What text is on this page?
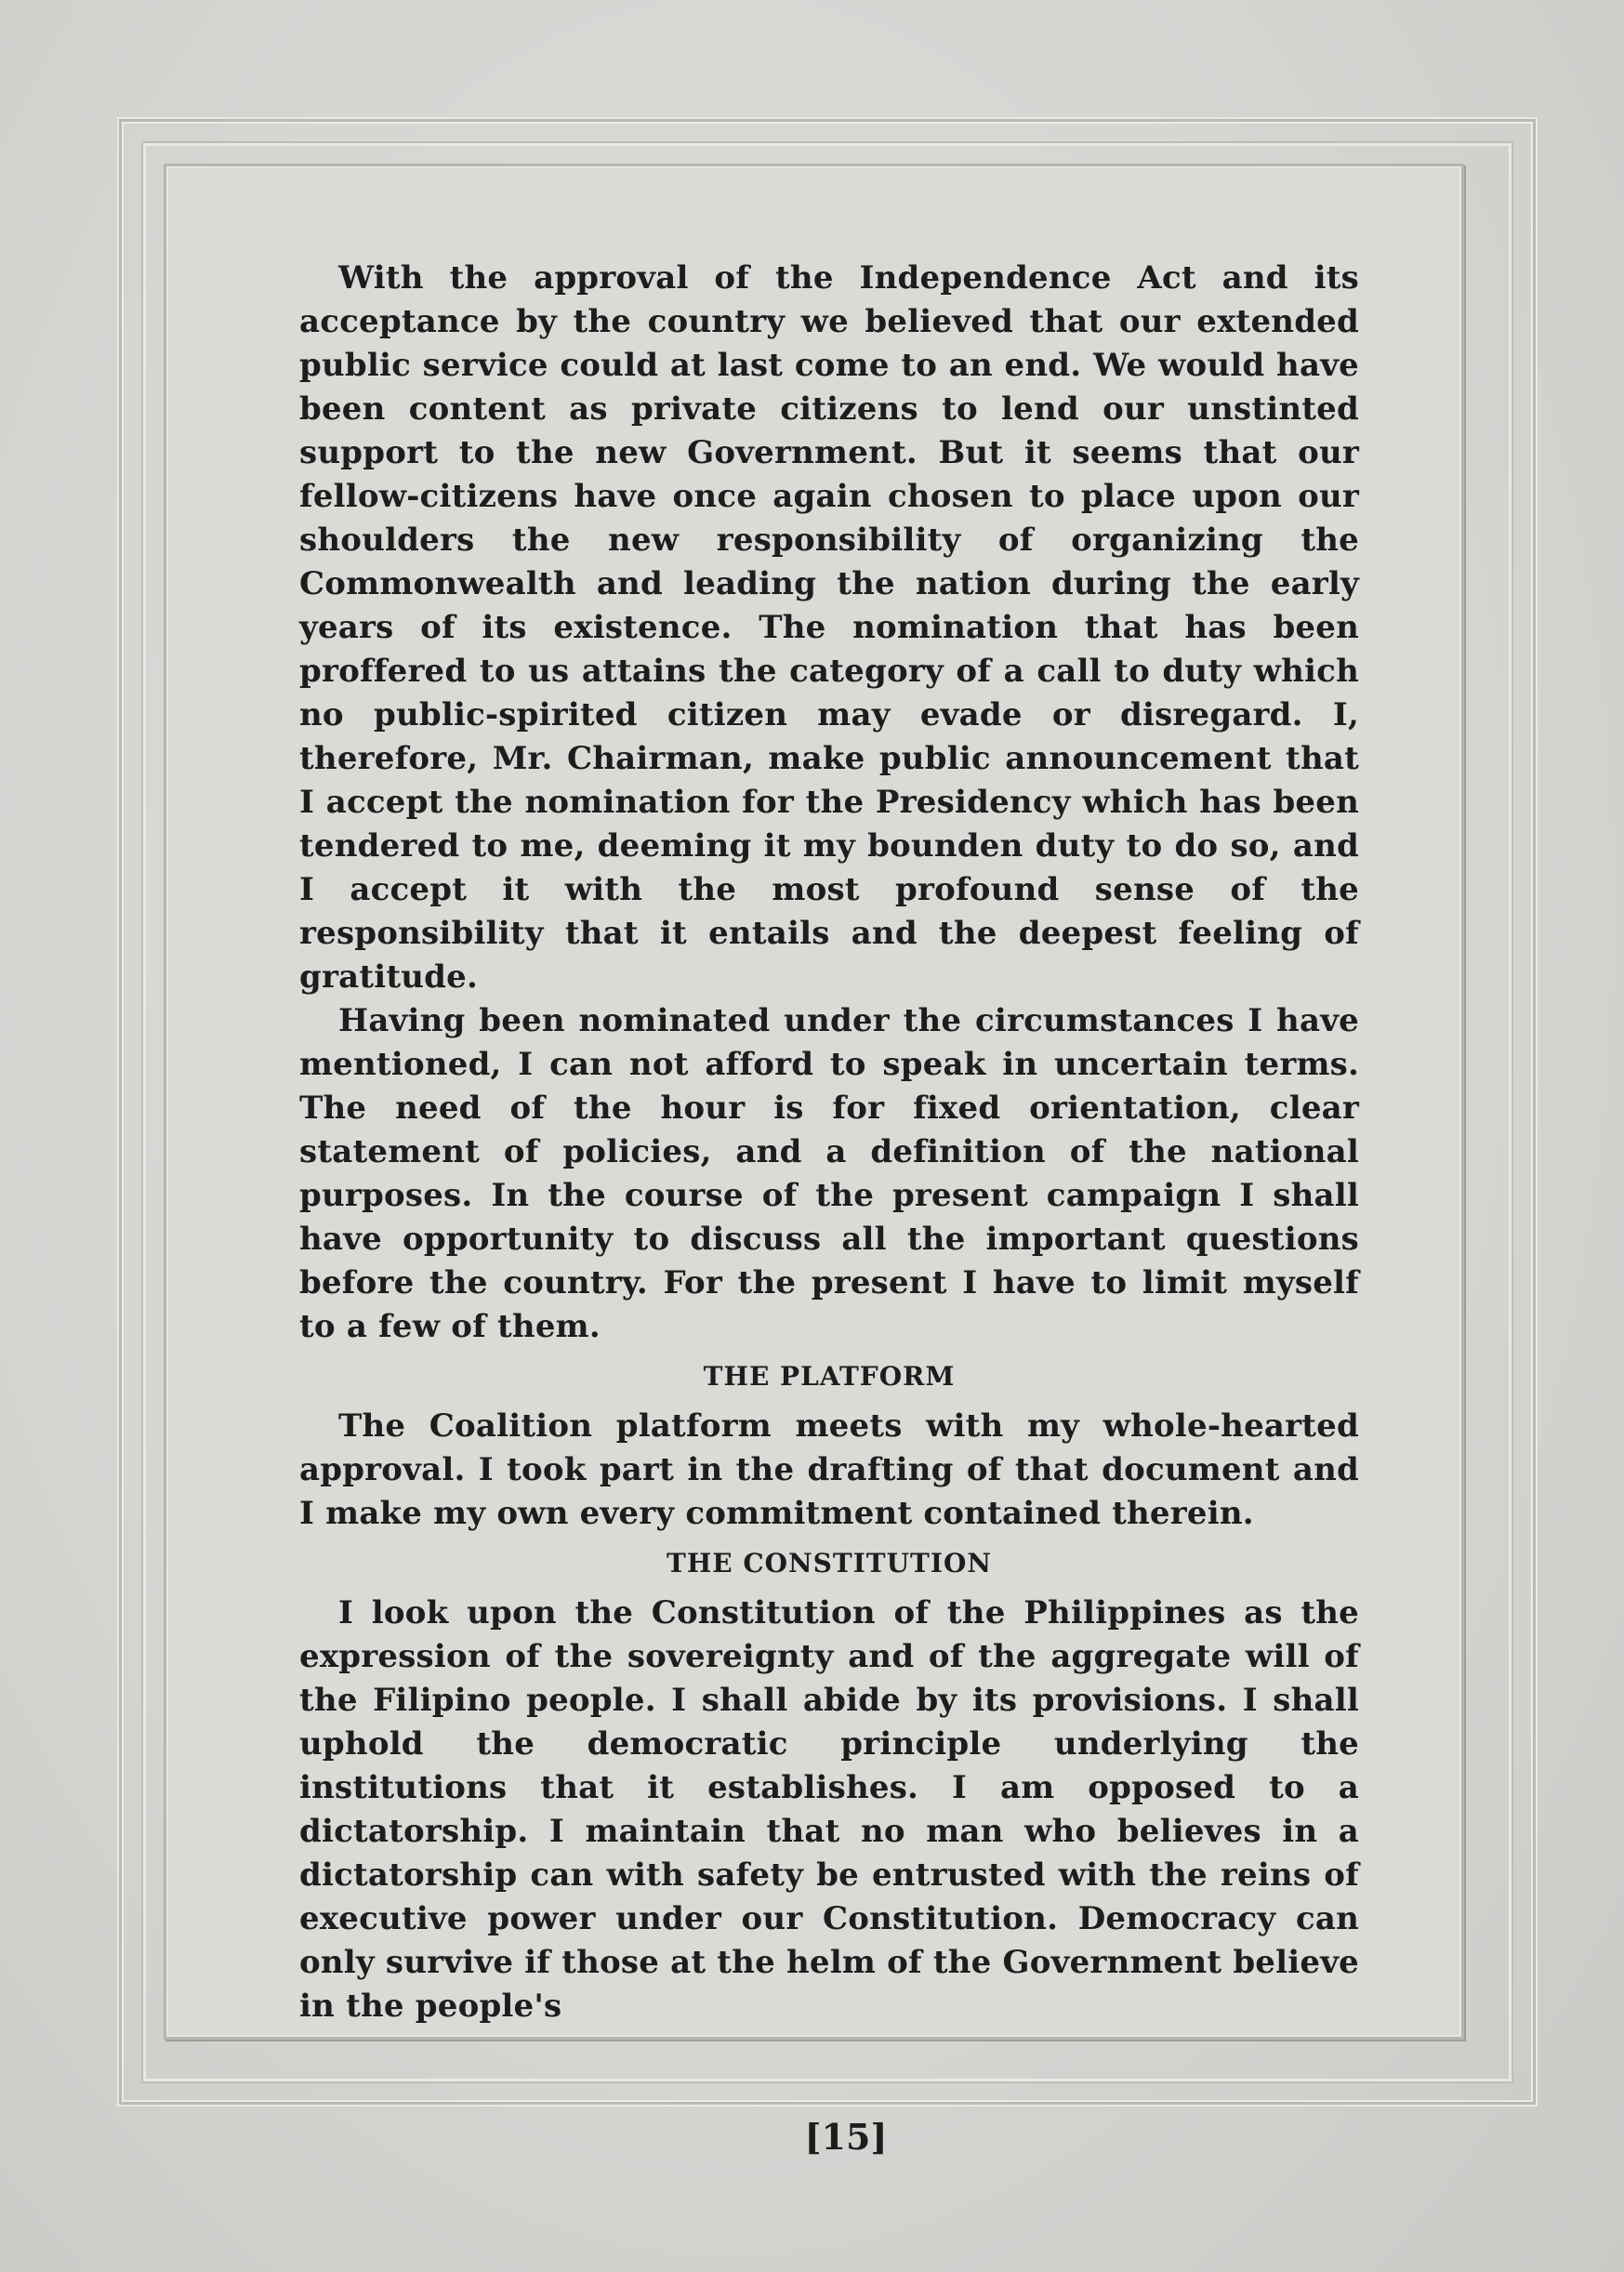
With the approval of the Independence Act and its acceptance by the country we believed that our extended public service could at last come to an end. We would have been content as private citizens to lend our unstinted support to the new Government. But it seems that our fellow-citizens have once again chosen to place upon our shoulders the new responsibility of organizing the Commonwealth and leading the nation during the early years of its existence. The nomination that has been proffered to us attains the category of a call to duty which no public-spirited citizen may evade or disregard. I, therefore, Mr. Chairman, make public announcement that I accept the nomination for the Presidency which has been tendered to me, deeming it my bounden duty to do so, and I accept it with the most profound sense of the responsibility that it entails and the deepest feeling of gratitude.

Having been nominated under the circumstances I have mentioned, I can not afford to speak in uncertain terms. The need of the hour is for fixed orientation, clear statement of policies, and a definition of the national purposes. In the course of the present campaign I shall have opportunity to discuss all the important questions before the country. For the present I have to limit myself to a few of them.

THE PLATFORM

The Coalition platform meets with my whole-hearted approval. I took part in the drafting of that document and I make my own every commitment contained therein.

THE CONSTITUTION

I look upon the Constitution of the Philippines as the expression of the sovereignty and of the aggregate will of the Filipino people. I shall abide by its provisions. I shall uphold the democratic principle underlying the institutions that it establishes. I am opposed to a dictatorship. I maintain that no man who believes in a dictatorship can with safety be entrusted with the reins of executive power under our Constitution. Democracy can only survive if those at the helm of the Government believe in the people's

[15]
